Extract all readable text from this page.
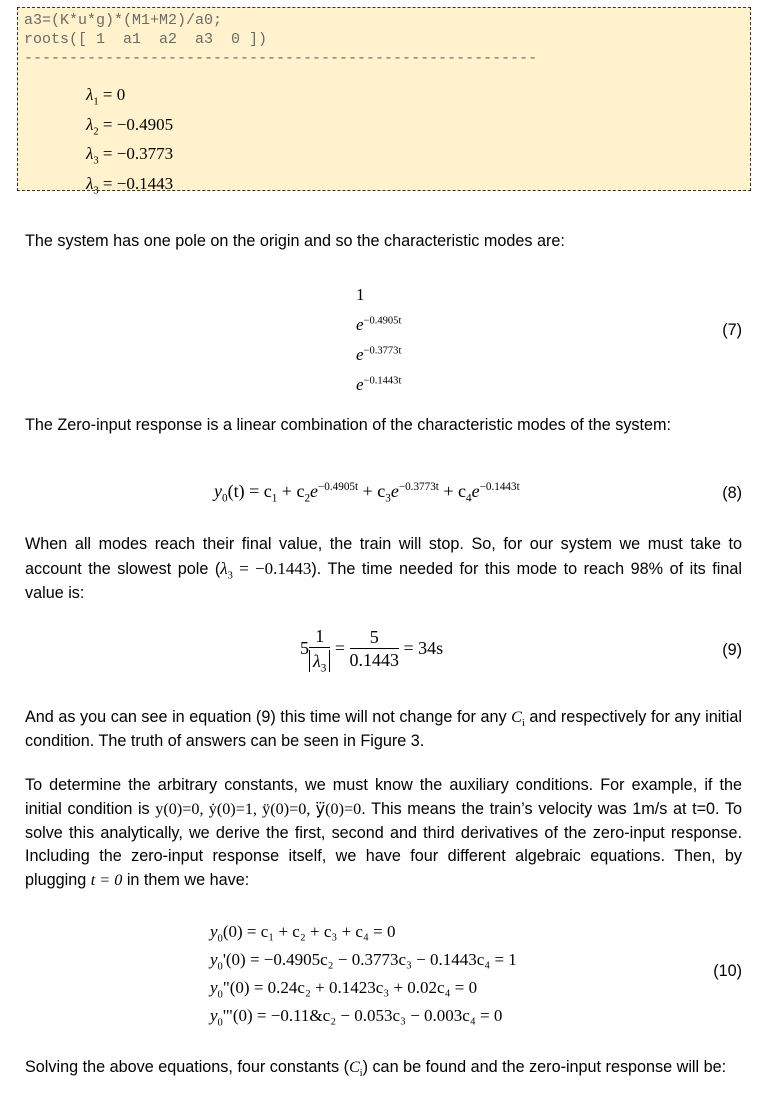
a3=(K*u*g)*(M1+M2)/a0;
roots([ 1  a1  a2  a3  0 ])
---------------------------------------------------------
$\lambda_1 = 0$
$\lambda_2 = -0.4905$
$\lambda_3 = -0.3773$
$\lambda_3 = -0.1443$

The system has one pole on the origin and so the characteristic modes are:

1
$e^{-0.4905t}$
$e^{-0.3773t}$
$e^{-0.1443t}$
(7)

The Zero-input response is a linear combination of the characteristic modes of the system:

$y_0(t) = c_1 + c_2e^{-0.4905t} + c_3e^{-0.3773t} + c_4e^{-0.1443t}$	(8)

When all modes reach their final value, the train will stop. So, for our system we must take to account the slowest pole $(\lambda_3 = -0.1443)$. The time needed for this mode to reach 98% of its final value is:

$5 \frac{1}{\lambda_3} = \frac{5}{0.1443} = 34s$	(9)

And as you can see in equation (9) this time will not change for any $C_i$ and respectively for any initial condition. The truth of answers can be seen in Figure 3.

To determine the arbitrary constants, we must know the auxiliary conditions. For example, if the initial condition is y(0)=0, ẏ(0)=1, ÿ(0)=0, y⃛(0)=0. This means the train’s velocity was 1m/s at t=0. To solve this analytically, we derive the first, second and third derivatives of the zero-input response. Including the zero-input response itself, we have four different algebraic equations. Then, by plugging t = 0 in them we have:

$y_0(0) = c_1 + c_2 + c_3 + c_4 = 0$
$y_0'(0) = -0.4905c_2 - 0.3773c_3 - 0.1443c_4 = 1$
$y_0"(0) = 0.24c_2 + 0.1423c_3 + 0.02c_4 = 0$
$y_0'"(0)$ = −0.11&c₂ − 0.053c₃ − 0.003c₄ = 0
(10)

Solving the above equations, four constants $(C_i)$ can be found and the zero-input response will be:
